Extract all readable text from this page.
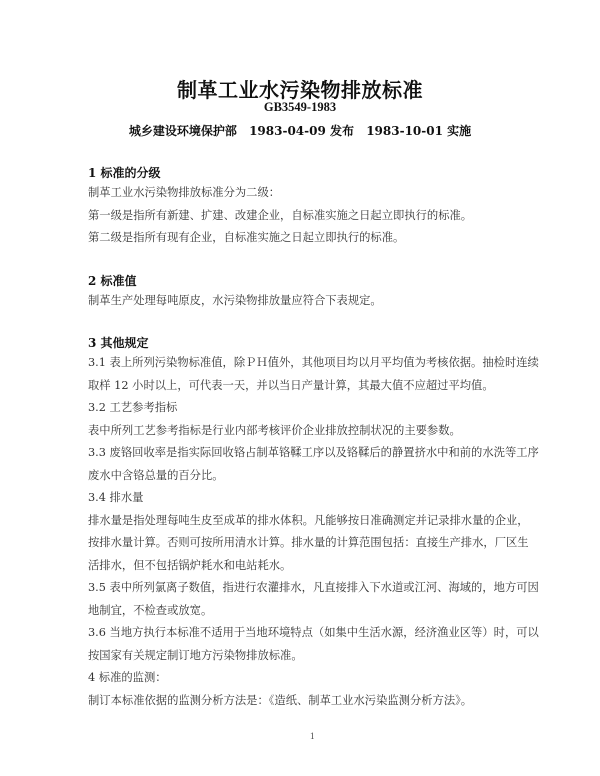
制革工业水污染物排放标准
GB3549-1983
城乡建设环境保护部 1983-04-09 发布 1983-10-01 实施

1 标准的分级

制革工业水污染物排放标准分为二级：

第一级是指所有新建、扩建、改建企业，自标准实施之日起立即执行的标准。

第二级是指所有现有企业，自标准实施之日起立即执行的标准。

2 标准值

制革生产处理每吨原皮，水污染物排放量应符合下表规定。

3 其他规定

3.1 表上所列污染物标准值，除ＰＨ值外，其他项目均以月平均值为考核依据。抽检时连续

取样 12 小时以上，可代表一天，并以当日产量计算，其最大值不应超过平均值。

3.2 工艺参考指标

表中所列工艺参考指标是行业内部考核评价企业排放控制状况的主要参数。

3.3 废铬回收率是指实际回收铬占制革铬鞣工序以及铬鞣后的静置挤水中和前的水洗等工序

废水中含铬总量的百分比。

3.4 排水量

排水量是指处理每吨生皮至成革的排水体积。凡能够按日准确测定并记录排水量的企业，

按排水量计算。否则可按所用清水计算。排水量的计算范围包括：直接生产排水，厂区生

活排水，但不包括锅炉耗水和电站耗水。

3.5 表中所列氯离子数值，指进行农灌排水，凡直接排入下水道或江河、海域的，地方可因

地制宜，不检查或放宽。

3.6 当地方执行本标准不适用于当地环境特点（如集中生活水源，经济渔业区等）时，可以

按国家有关规定制订地方污染物排放标准。

4 标准的监测：

制订本标准依据的监测分析方法是：《造纸、制革工业水污染监测分析方法》。

1
